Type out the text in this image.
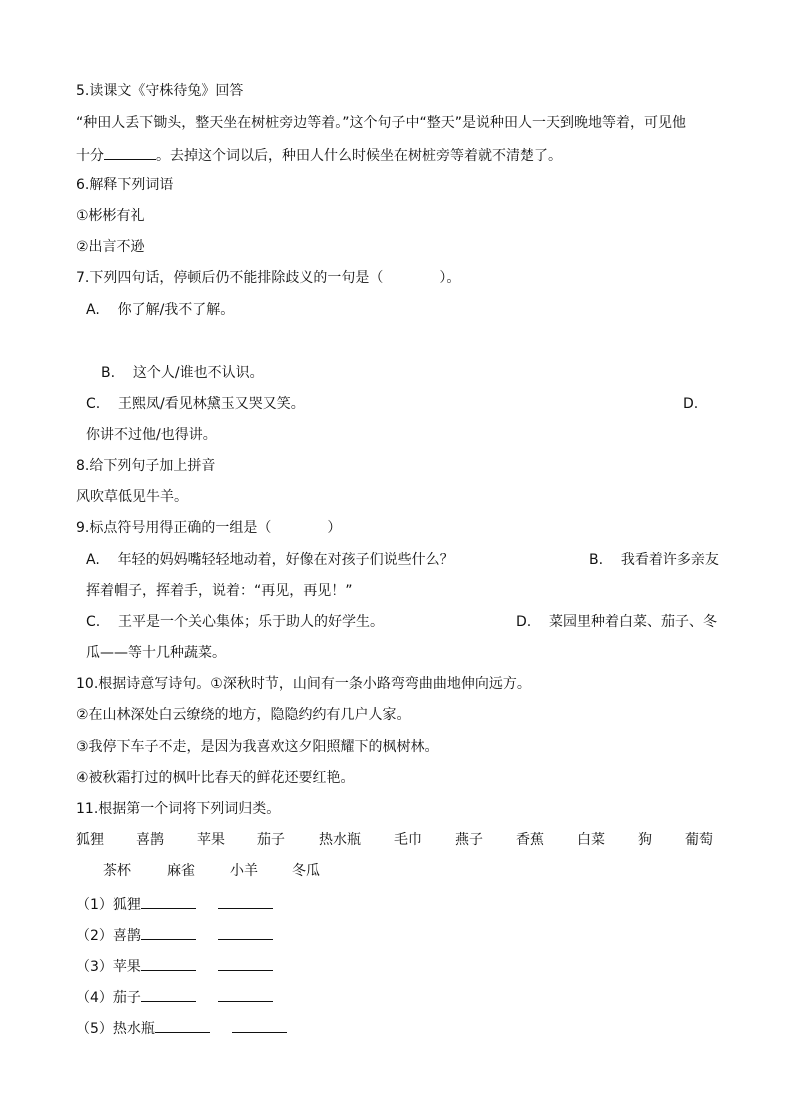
5.读课文《守株待兔》回答
“种田人丢下锄头，整天坐在树桩旁边等着。”这个句子中“整天”是说种田人一天到晚地等着，可见他
十分	。去掉这个词以后，种田人什么时候坐在树桩旁等着就不清楚了。
6.解释下列词语
①彬彬有礼
②出言不逊
7.下列四句话，停顿后仍不能排除歧义的一句是（　　　　）。
A. 你了解/我不了解。
B. 这个人/谁也不认识。
C. 王熙凤/看见林黛玉又哭又笑。	D.
你讲不过他/也得讲。
8.给下列句子加上拼音
风吹草低见牛羊。
9.标点符号用得正确的一组是（　　　　）
A. 年轻的妈妈嘴轻轻地动着，好像在对孩子们说些什么？	B. 我看着许多亲友
挥着帽子，挥着手，说着：“再见，再见！”
C. 王平是一个关心集体；乐于助人的好学生。	D. 菜园里种着白菜、茄子、冬
瓜——等十几种蔬菜。
10.根据诗意写诗句。①深秋时节，山间有一条小路弯弯曲曲地伸向远方。
②在山林深处白云缭绕的地方，隐隐约约有几户人家。
③我停下车子不走，是因为我喜欢这夕阳照耀下的枫树林。
④被秋霜打过的枫叶比春天的鲜花还要红艳。
11.根据第一个词将下列词归类。
狐狸 喜鹊 苹果 茄子 热水瓶 毛巾 燕子 香蕉 白菜 狗 葡萄
茶杯	麻雀	小羊 冬瓜
（1）狐狸
（2）喜鹊
（3）苹果
（4）茄子
（5）热水瓶
